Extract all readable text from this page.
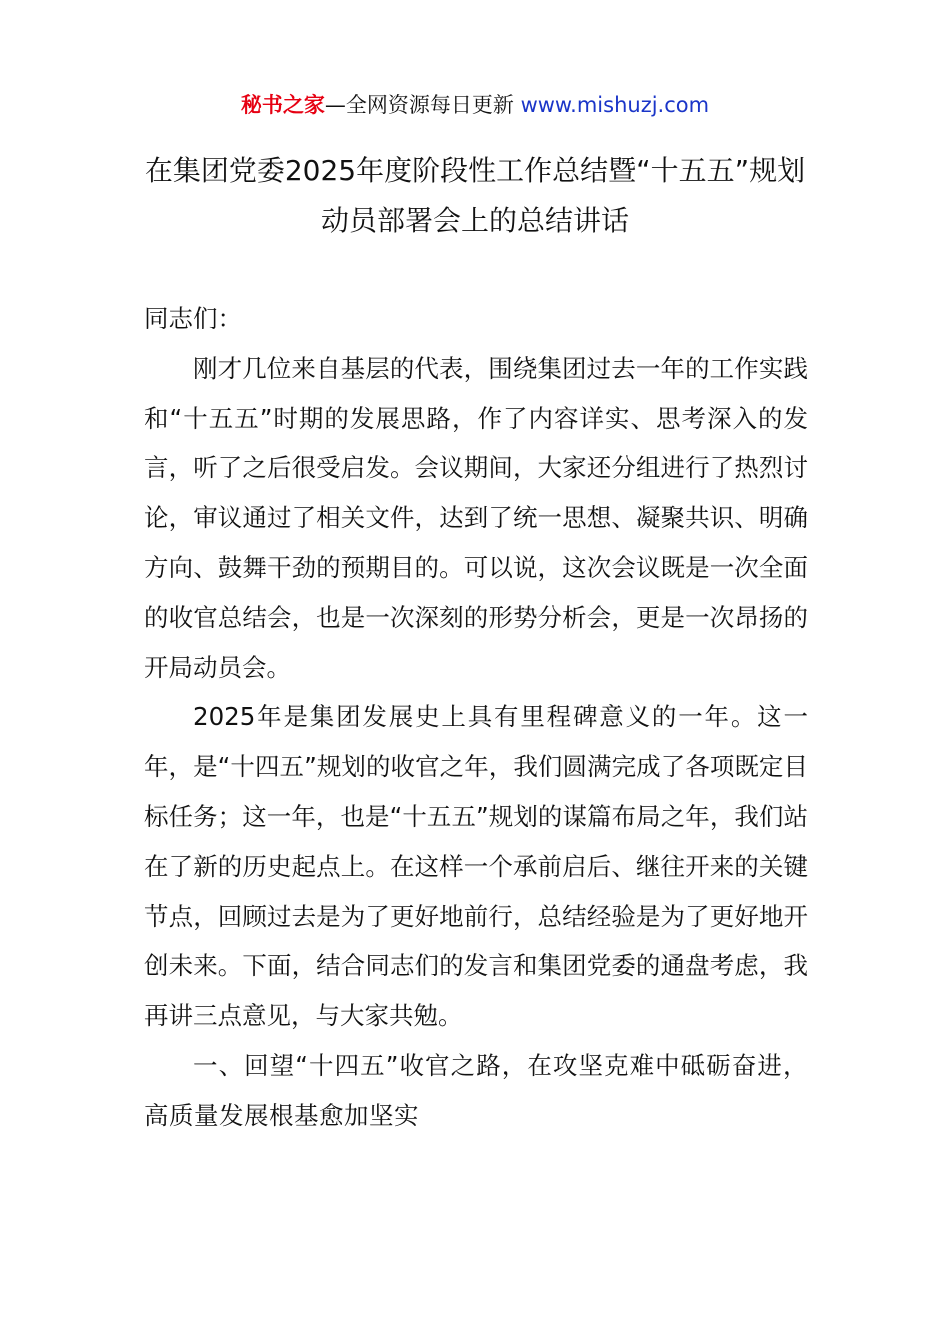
秘书之家—全网资源每日更新 www.mishuzj.com
在集团党委2025年度阶段性工作总结暨“十五五”规划动员部署会上的总结讲话

同志们：

刚才几位来自基层的代表，围绕集团过去一年的工作实践和“十五五”时期的发展思路，作了内容详实、思考深入的发言，听了之后很受启发。会议期间，大家还分组进行了热烈讨论，审议通过了相关文件，达到了统一思想、凝聚共识、明确方向、鼓舞干劲的预期目的。可以说，这次会议既是一次全面的收官总结会，也是一次深刻的形势分析会，更是一次昂扬的开局动员会。

2025年是集团发展史上具有里程碑意义的一年。这一年，是“十四五”规划的收官之年，我们圆满完成了各项既定目标任务；这一年，也是“十五五”规划的谋篇布局之年，我们站在了新的历史起点上。在这样一个承前启后、继往开来的关键节点，回顾过去是为了更好地前行，总结经验是为了更好地开创未来。下面，结合同志们的发言和集团党委的通盘考虑，我再讲三点意见，与大家共勉。

一、回望“十四五”收官之路，在攻坚克难中砥砺奋进，高质量发展根基愈加坚实
